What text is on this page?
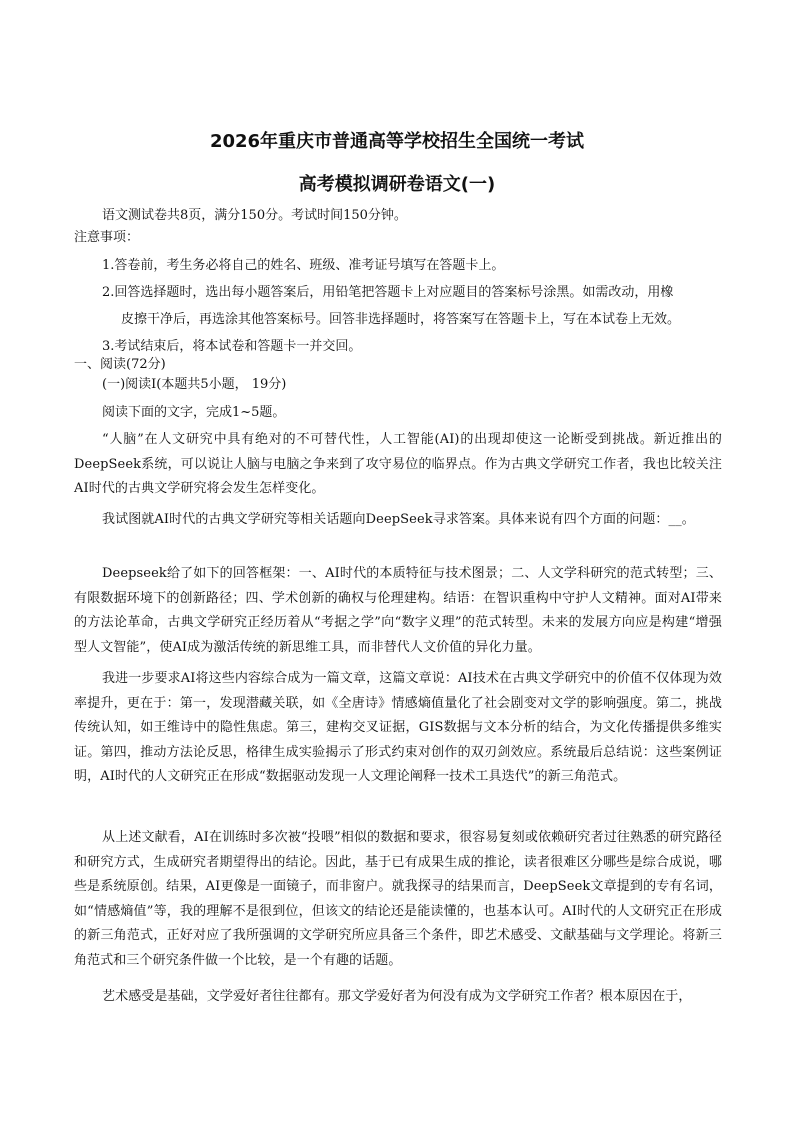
2026年重庆市普通高等学校招生全国统一考试
高考模拟调研卷语文(一)
语文测试卷共8页，满分150分。考试时间150分钟。
注意事项：
1.答卷前，考生务必将自己的姓名、班级、准考证号填写在答题卡上。
2.回答选择题时，选出每小题答案后，用铅笔把答题卡上对应题目的答案标号涂黑。如需改动，用橡
皮擦干净后，再选涂其他答案标号。回答非选择题时，将答案写在答题卡上，写在本试卷上无效。
3.考试结束后，将本试卷和答题卡一并交回。
一、阅读(72分)
(一)阅读Ⅰ(本题共5小题， 19分)
阅读下面的文字，完成1~5题。
“人脑”在人文研究中具有绝对的不可替代性，人工智能(AI)的出现却使这一论断受到挑战。新近推出的DeepSeek系统，可以说让人脑与电脑之争来到了攻守易位的临界点。作为古典文学研究工作者，我也比较关注AI时代的古典文学研究将会发生怎样变化。
我试图就AI时代的古典文学研究等相关话题向DeepSeek寻求答案。具体来说有四个方面的问题：__。
Deepseek给了如下的回答框架：一、AI时代的本质特征与技术图景；二、人文学科研究的范式转型；三、有限数据环境下的创新路径；四、学术创新的确权与伦理建构。结语：在智识重构中守护人文精神。面对AI带来的方法论革命，古典文学研究正经历着从“考据之学”向“数字义理”的范式转型。未来的发展方向应是构建“增强型人文智能”，使AI成为激活传统的新思维工具，而非替代人文价值的异化力量。
我进一步要求AI将这些内容综合成为一篇文章，这篇文章说：AI技术在古典文学研究中的价值不仅体现为效率提升，更在于：第一，发现潜藏关联，如《全唐诗》情感熵值量化了社会剧变对文学的影响强度。第二，挑战传统认知，如王维诗中的隐性焦虑。第三，建构交叉证据，GIS数据与文本分析的结合，为文化传播提供多维实证。第四，推动方法论反思，格律生成实验揭示了形式约束对创作的双刃剑效应。系统最后总结说：这些案例证明，AI时代的人文研究正在形成“数据驱动发现一人文理论阐释一技术工具迭代”的新三角范式。
从上述文献看，AI在训练时多次被“投喂”相似的数据和要求，很容易复刻或依赖研究者过往熟悉的研究路径和研究方式，生成研究者期望得出的结论。因此，基于已有成果生成的推论，读者很难区分哪些是综合成说，哪些是系统原创。结果，AI更像是一面镜子，而非窗户。就我探寻的结果而言，DeepSeek文章提到的专有名词，如“情感熵值”等，我的理解不是很到位，但该文的结论还是能读懂的，也基本认可。AI时代的人文研究正在形成的新三角范式，正好对应了我所强调的文学研究所应具备三个条件，即艺术感受、文献基础与文学理论。将新三角范式和三个研究条件做一个比较，是一个有趣的话题。
艺术感受是基础，文学爱好者往往都有。那文学爱好者为何没有成为文学研究工作者？根本原因在于，
